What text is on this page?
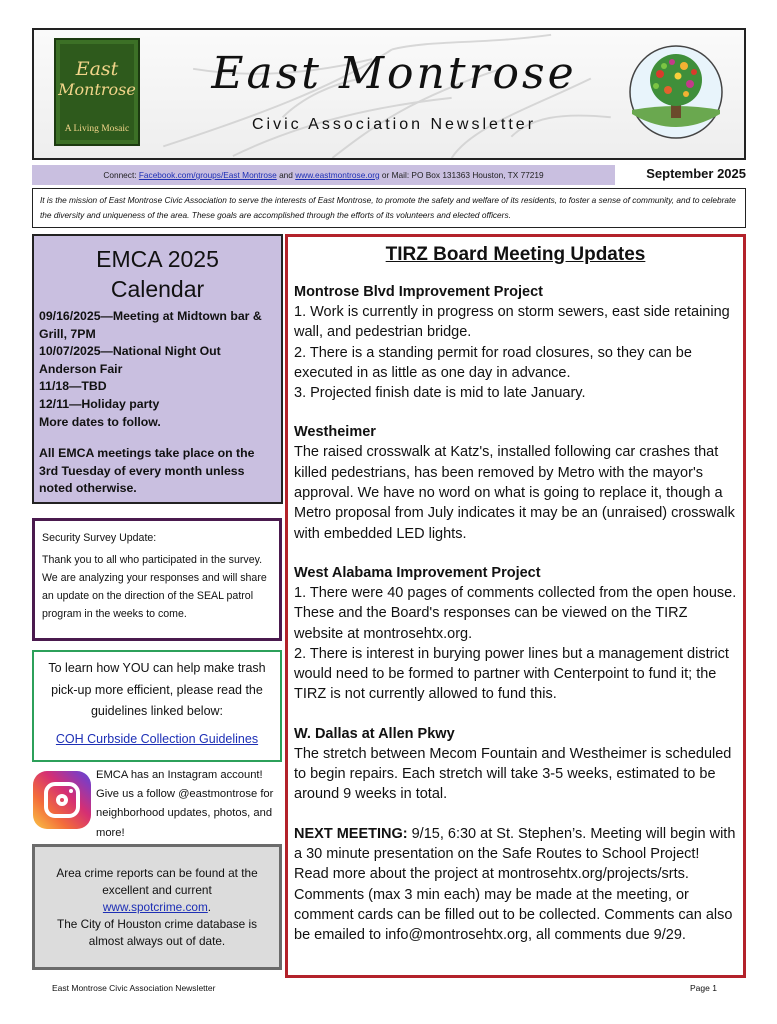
East
Montrose
A Living Mosaic
East Montrose
Civic Association Newsletter
Connect: Facebook.com/groups/East Montrose and www.eastmontrose.org or Mail: PO Box 131363 Houston, TX 77219	September 2025
It is the mission of East Montrose Civic Association to serve the interests of East Montrose, to promote the safety and welfare of its residents, to foster a sense of community, and to celebrate the diversity and uniqueness of the area. These goals are accomplished through the efforts of its volunteers and elected officers.
EMCA 2025
Calendar
09/16/2025—Meeting at Midtown bar & Grill, 7PM
10/07/2025—National Night Out Anderson Fair
11/18—TBD
12/11—Holiday party
More dates to follow.
All EMCA meetings take place on the 3rd Tuesday of every month unless noted otherwise.
Security Survey Update:
Thank you to all who participated in the survey. We are analyzing your responses and will share an update on the direction of the SEAL patrol program in the weeks to come.
To learn how YOU can help make trash pick-up more efficient, please read the guidelines linked below:
COH Curbside Collection Guidelines
EMCA has an Instagram account! Give us a follow @eastmontrose for neighborhood updates, photos, and more!
Area crime reports can be found at the excellent and current
www.spotcrime.com.
The City of Houston crime database is almost always out of date.
TIRZ Board Meeting Updates
Montrose Blvd Improvement Project
1. Work is currently in progress on storm sewers, east side retaining wall, and pedestrian bridge.
2. There is a standing permit for road closures, so they can be executed in as little as one day in advance.
3. Projected finish date is mid to late January.
Westheimer
The raised crosswalk at Katz's, installed following car crashes that killed pedestrians, has been removed by Metro with the mayor's approval. We have no word on what is going to replace it, though a Metro proposal from July indicates it may be an (unraised) crosswalk with embedded LED lights.
West Alabama Improvement Project
1. There were 40 pages of comments collected from the open house. These and the Board's responses can be viewed on the TIRZ website at montrosehtx.org.
2. There is interest in burying power lines but a management district would need to be formed to partner with Centerpoint to fund it; the TIRZ is not currently allowed to fund this.
W. Dallas at Allen Pkwy
The stretch between Mecom Fountain and Westheimer is scheduled to begin repairs. Each stretch will take 3-5 weeks, estimated to be around 9 weeks in total.
NEXT MEETING: 9/15, 6:30 at St. Stephen’s. Meeting will begin with a 30 minute presentation on the Safe Routes to School Project! Read more about the project at montrosehtx.org/projects/srts. Comments (max 3 min each) may be made at the meeting, or comment cards can be filled out to be collected. Comments can also be emailed to info@montrosehtx.org, all comments due 9/29.
East Montrose Civic Association Newsletter	Page 1
